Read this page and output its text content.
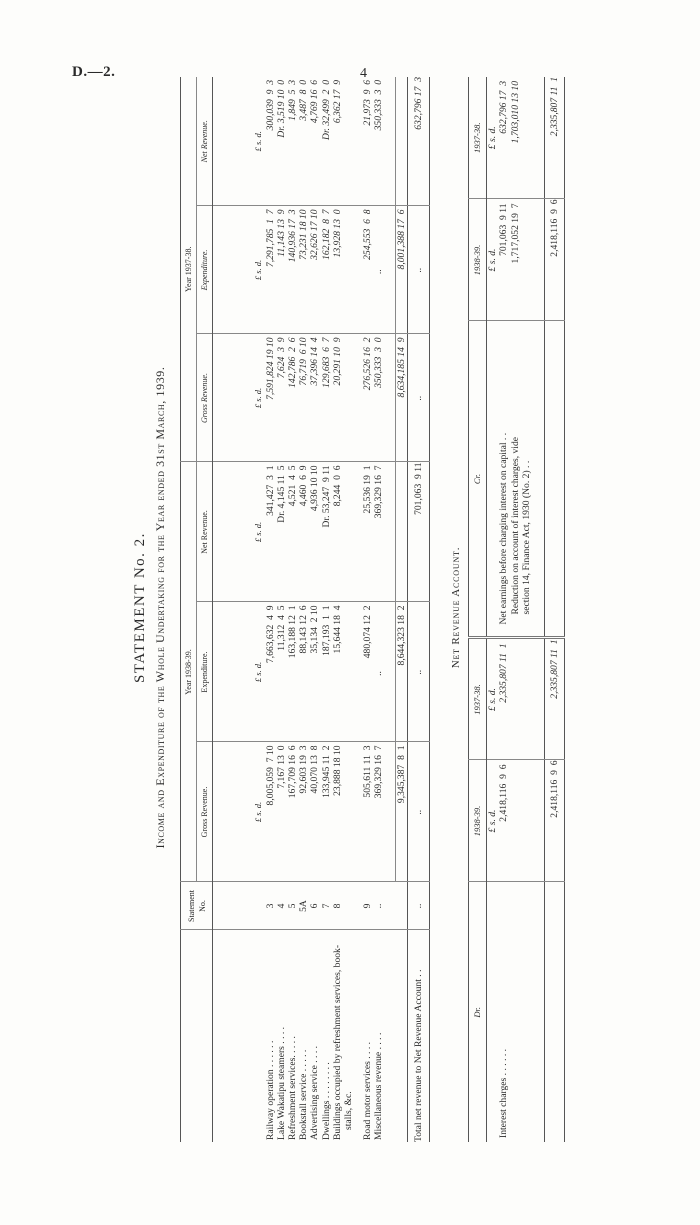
D.—2.	4
STATEMENT No. 2. Income and Expenditure of the Whole Undertaking for the Year ended 31st March, 1939.
	Statement No.	Year 1938-39.			Year 1937-38.		
		Gross Revenue.	Expenditure.	Net Revenue.	Gross Revenue.	Expenditure.	Net Revenue.

		£ s. d.	£ s. d.	£ s. d.	£ s. d.	£ s. d.	£ s. d.
Railway operation . . . . . .	3	8,005,059  7 10	7,663,632  4  9	341,427  3  1	7,591,824 19 10	7,291,785  1  7	300,039  9  3
Lake Wakatipu steamers . . . .	4	7,167 13  0	11,312  4  5	Dr. 4,145 11  5	7,624  3  9	11,143 13  9	Dr. 3,519 10  0
Refreshment services. . . . .	5	167,709 16  6	163,188 12  1	4,521  4  5	142,786  2  6	140,936 17  3	1,849  5  3
Bookstall service . . . . .	5A	92,603 19  3	88,143 12  6	4,460  6  9	76,719  6 10	73,231 18 10	3,487  8  0
Advertising service . . . .	6	40,070 13  8	35,134  2 10	4,936 10 10	37,396 14  4	32,626 17 10	4,769 16  6
Dwellings . . . . . . . .	7	133,945 11  2	187,193  1  1	Dr. 53,247  9 11	129,683  6  7	162,182  8  7	Dr. 32,499  2  0
Buildings occupied by refreshment services, book-
stalls, &c.	8	23,888 18 10	15,644 18  4	8,244  0  6	20,291 10  9	13,928 13  0	6,362 17  9

Road motor services . . . .	9	505,611 11  3	480,074 12  2	25,536 19  1	276,526 16  2	254,553  6  8	21,973  9  6
Miscellaneous revenue . . . .	..	369,329 16  7	..	369,329 16  7	350,333  3  0	..	350,333  3  0

		9,345,387  8  1	8,644,323 18  2		8,634,185 14  9	8,001,388 17  6	
Total net revenue to Net Revenue Account . .	..	..	..	701,063  9 11	..	..	632,796 17  3
Net Revenue Account.
Dr.	1938-39.	1937-38.	Cr.	1938-39.	1937-38.
	£ s. d.	£ s. d.		£ s. d.	£ s. d.
Interest charges . . . . . .	2,418,116  9  6	2,335,807 11  1	Net earnings before charging interest on capital . .	701,063  9 11	632,796 17  3
			Reduction on account of interest charges, vide
section 14, Finance Act, 1930 (No. 2) . .	1,717,052 19  7	1,703,010 13 10

	2,418,116  9  6	2,335,807 11  1		2,418,116  9  6	2,335,807 11  1
